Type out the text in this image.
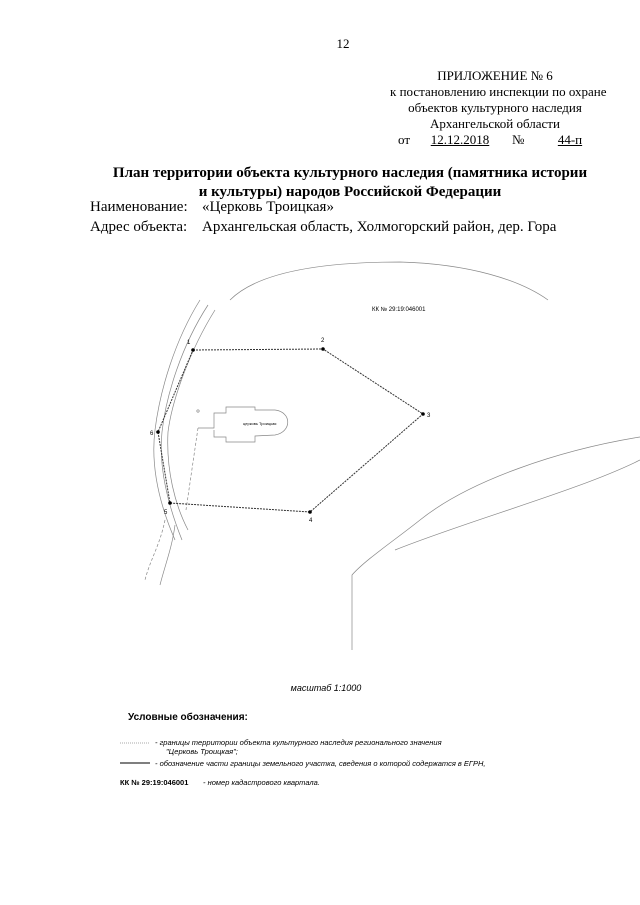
12
ПРИЛОЖЕНИЕ № 6
к постановлению инспекции по охране
объектов культурного наследия
Архангельской области
от	12.12.2018	№	44-п
План территории объекта культурного наследия (памятника истории
и культуры) народов Российской Федерации
Наименование: «Церковь Троицкая»
Адрес объекта: Архангельская область, Холмогорский район, дер. Гора
церковь Троицкая
КК № 29:19:046001
1	2
3
4
5
6
масштаб 1:1000
Условные обозначения:
- границы территории объекта культурного наследия регионального значения
"Церковь Троицкая";
- обозначение части границы земельного участка, сведения о которой содержатся в ЕГРН,
КК № 29:19:046001 - номер кадастрового квартала.
